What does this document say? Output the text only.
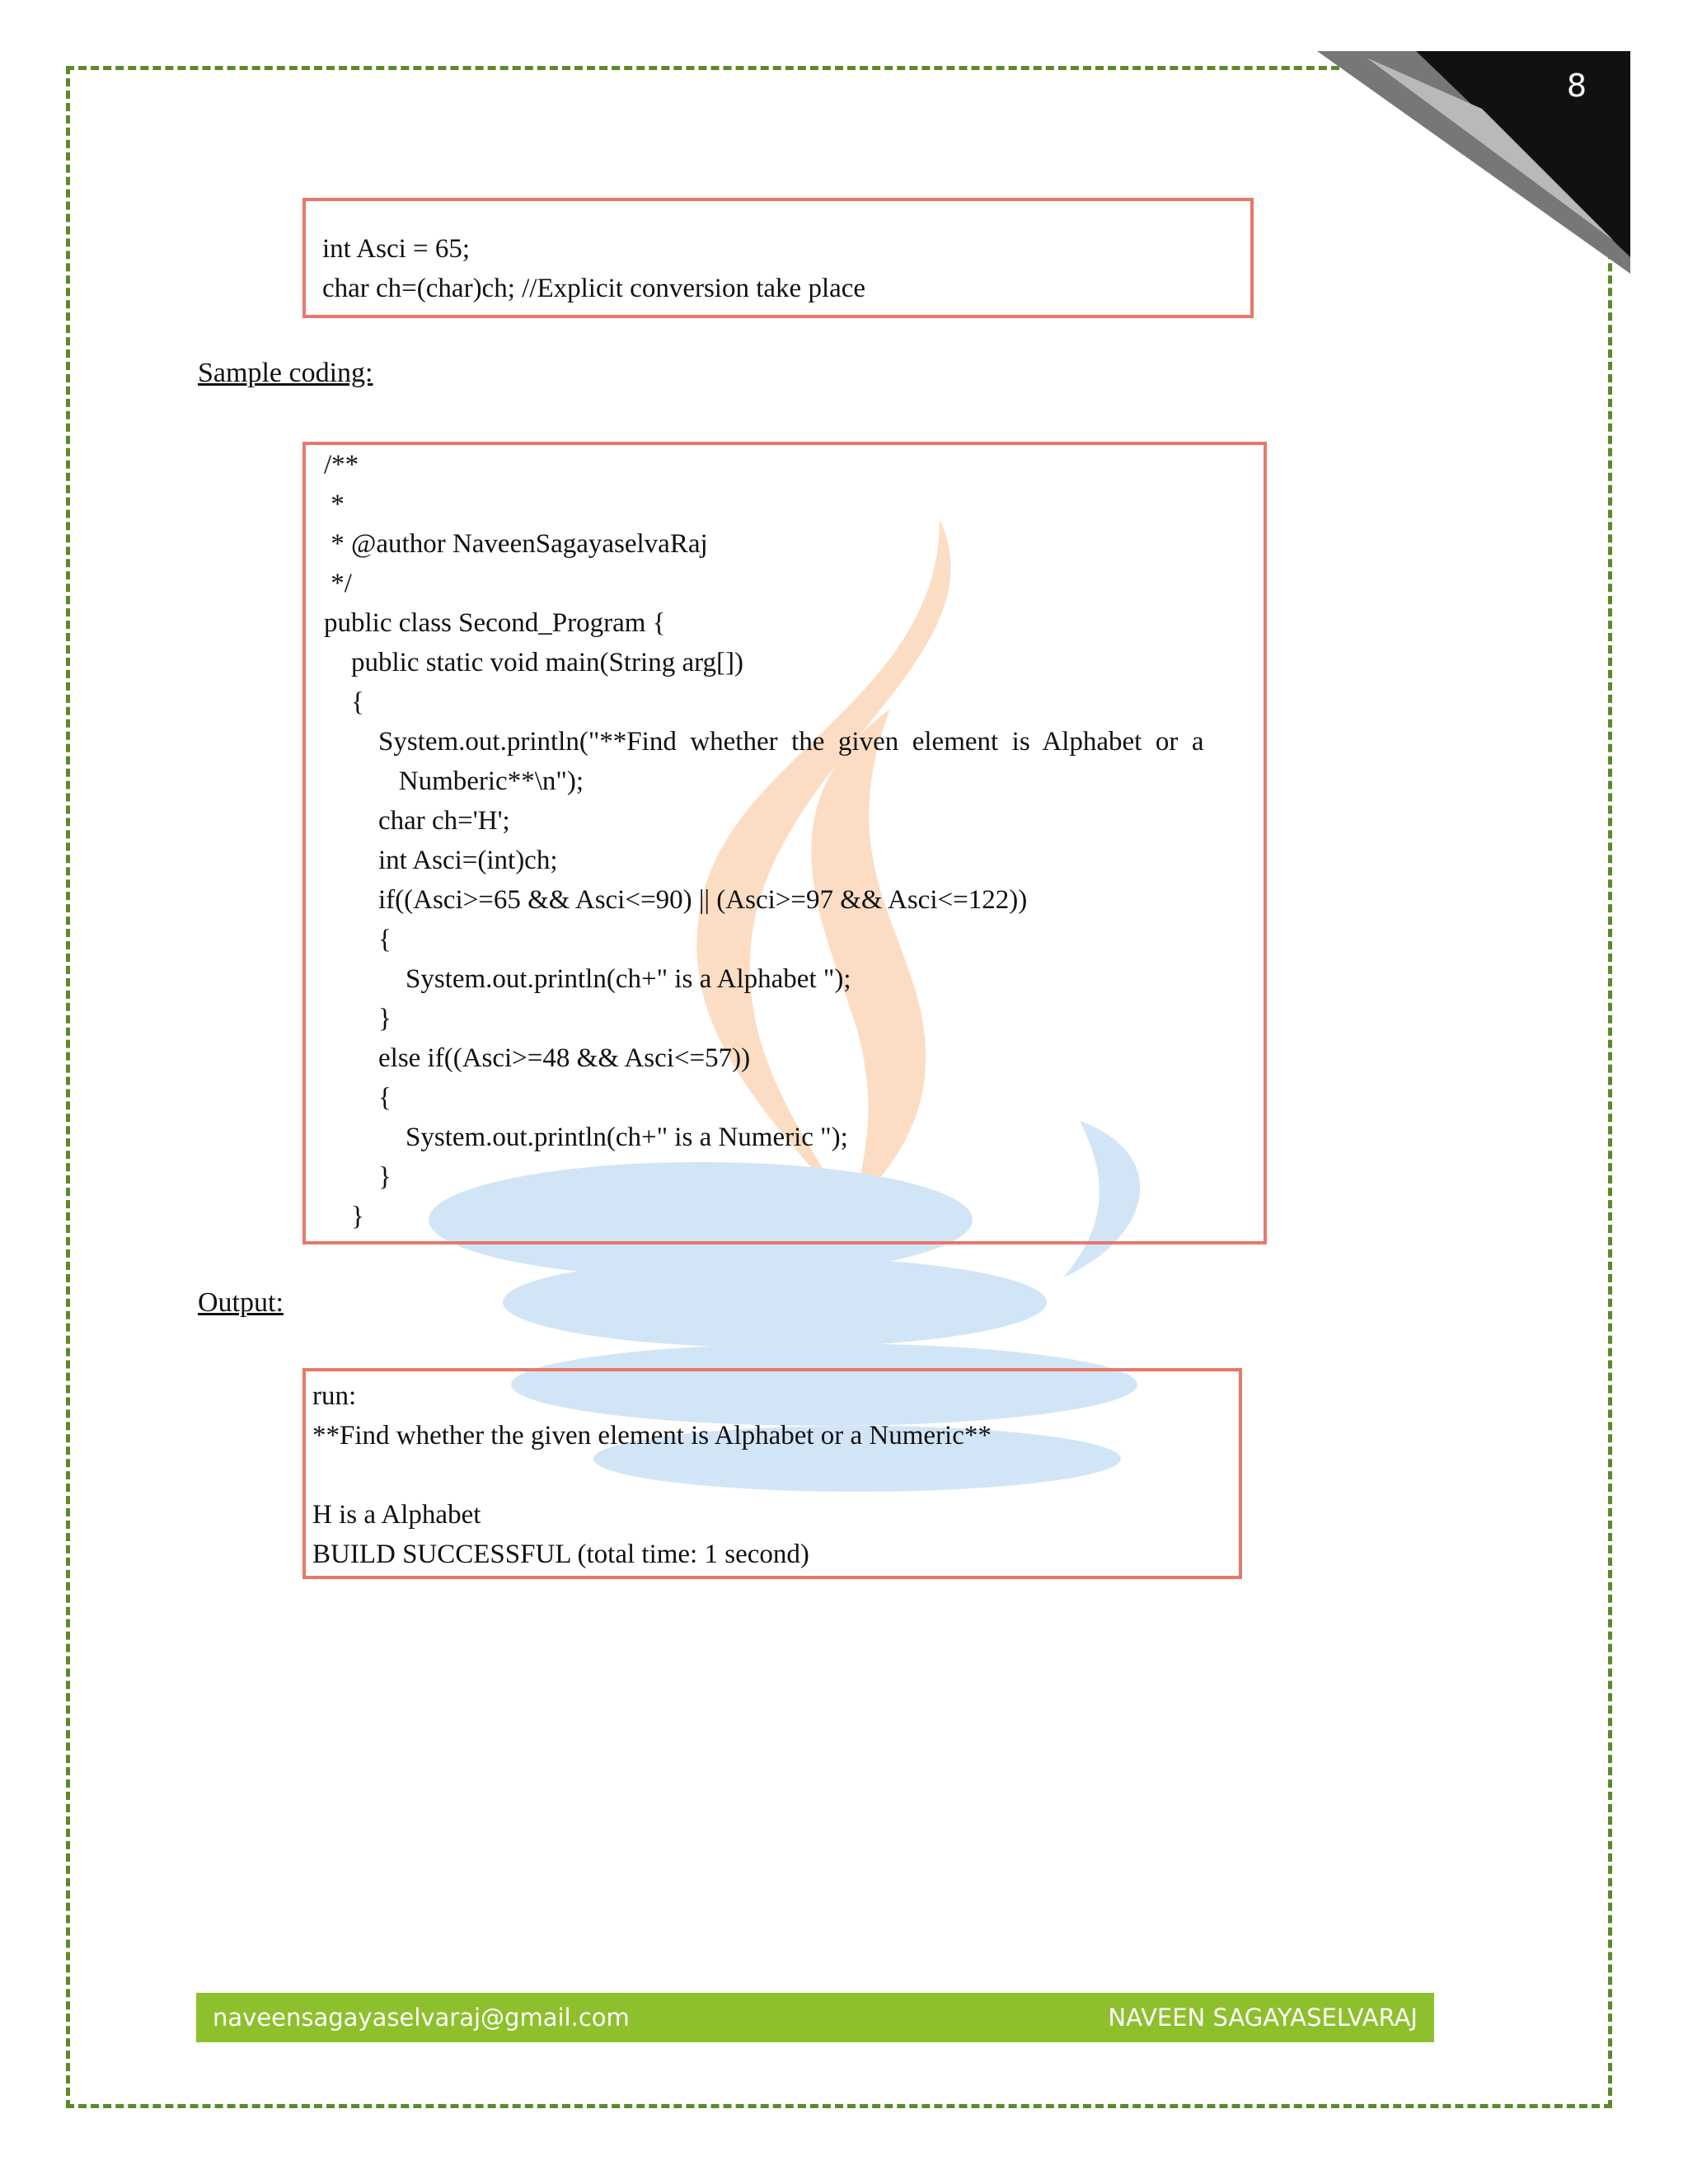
8
int Asci = 65;
char ch=(char)ch; //Explicit conversion take place
Sample coding:
/**
*
* @author NaveenSagayaselvaRaj
*/
public class Second_Program {
public static void main(String arg[])
{
System.out.println("**Find  whether  the  given  element  is  Alphabet  or  a
Numberic**\n");
char ch='H';
int Asci=(int)ch;
if((Asci>=65 && Asci<=90) || (Asci>=97 && Asci<=122))
{
System.out.println(ch+" is a Alphabet ");
}
else if((Asci>=48 && Asci<=57))
{
System.out.println(ch+" is a Numeric ");
}
}
Output:
run:
**Find whether the given element is Alphabet or a Numeric**
H is a Alphabet
BUILD SUCCESSFUL (total time: 1 second)
naveensagayaselvaraj@gmail.com	NAVEEN SAGAYASELVARAJ
